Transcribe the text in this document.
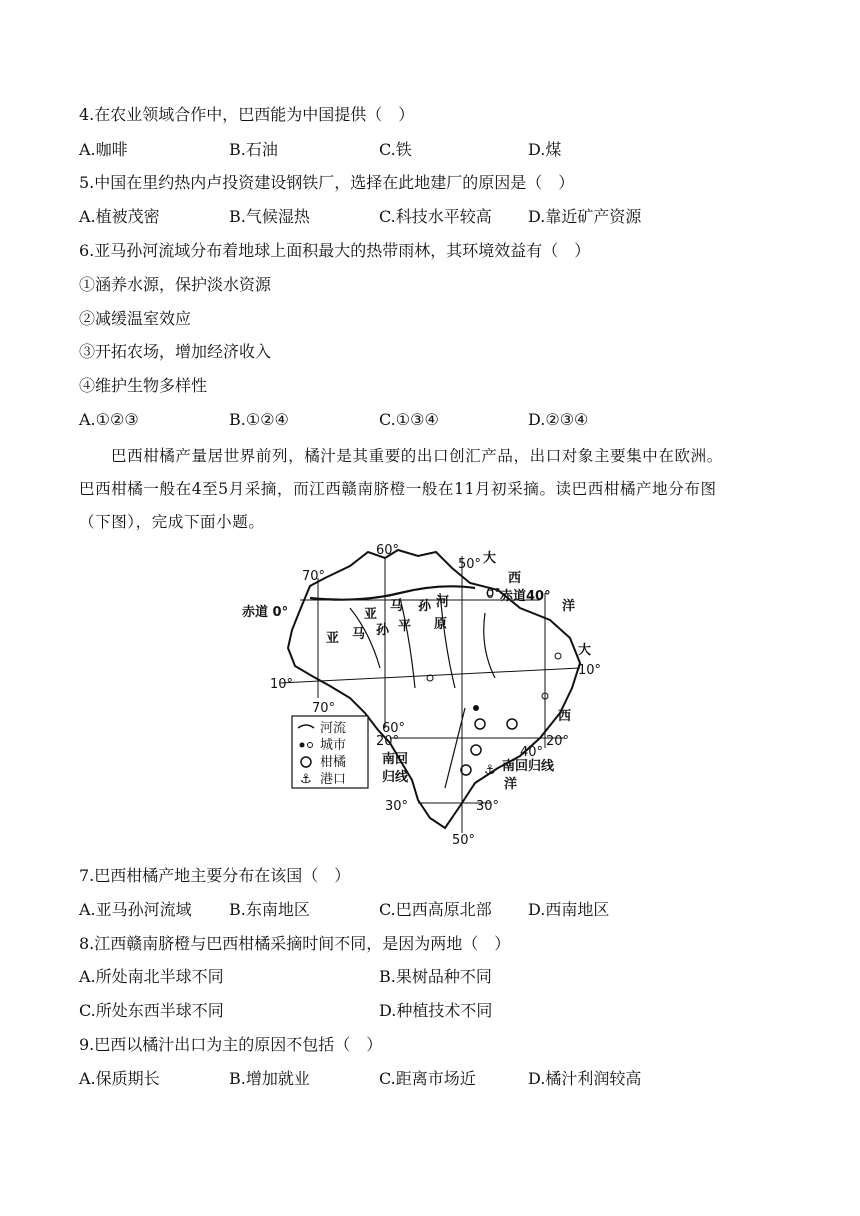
4.在农业领域合作中，巴西能为中国提供（　）
A.咖啡	B.石油	C.铁	D.煤
5.中国在里约热内卢投资建设钢铁厂，选择在此地建厂的原因是（　）
A.植被茂密	B.气候湿热	C.科技水平较高 D.靠近矿产资源
6.亚马孙河流域分布着地球上面积最大的热带雨林，其环境效益有（　）
①涵养水源，保护淡水资源
②减缓温室效应
③开拓农场，增加经济收入
④维护生物多样性
A.①②③	B.①②④	C.①③④	D.②③④
巴西柑橘产量居世界前列，橘汁是其重要的出口创汇产品，出口对象主要集中在欧洲。
巴西柑橘一般在4至5月采摘，而江西赣南脐橙一般在11月初采摘。读巴西柑橘产地分布图
（下图），完成下面小题。
⚓
60°
50° 大
西
70°
赤道 0°
0° 赤道40°
洋
孙 河
亚
马
亚 马 孙 平 原
大
10°
10°
70°
西
60°
20°	20°
40°
南回
归线
南回归线
洋
30°	30°
50°
河流
城市
柑橘
⚓ 港口
7.巴西柑橘产地主要分布在该国（　）
A.亚马孙河流域 B.东南地区	C.巴西高原北部 D.西南地区
8.江西赣南脐橙与巴西柑橘采摘时间不同，是因为两地（　）
A.所处南北半球不同	B.果树品种不同
C.所处东西半球不同	D.种植技术不同
9.巴西以橘汁出口为主的原因不包括（　）
A.保质期长	B.增加就业	C.距离市场近	D.橘汁利润较高
